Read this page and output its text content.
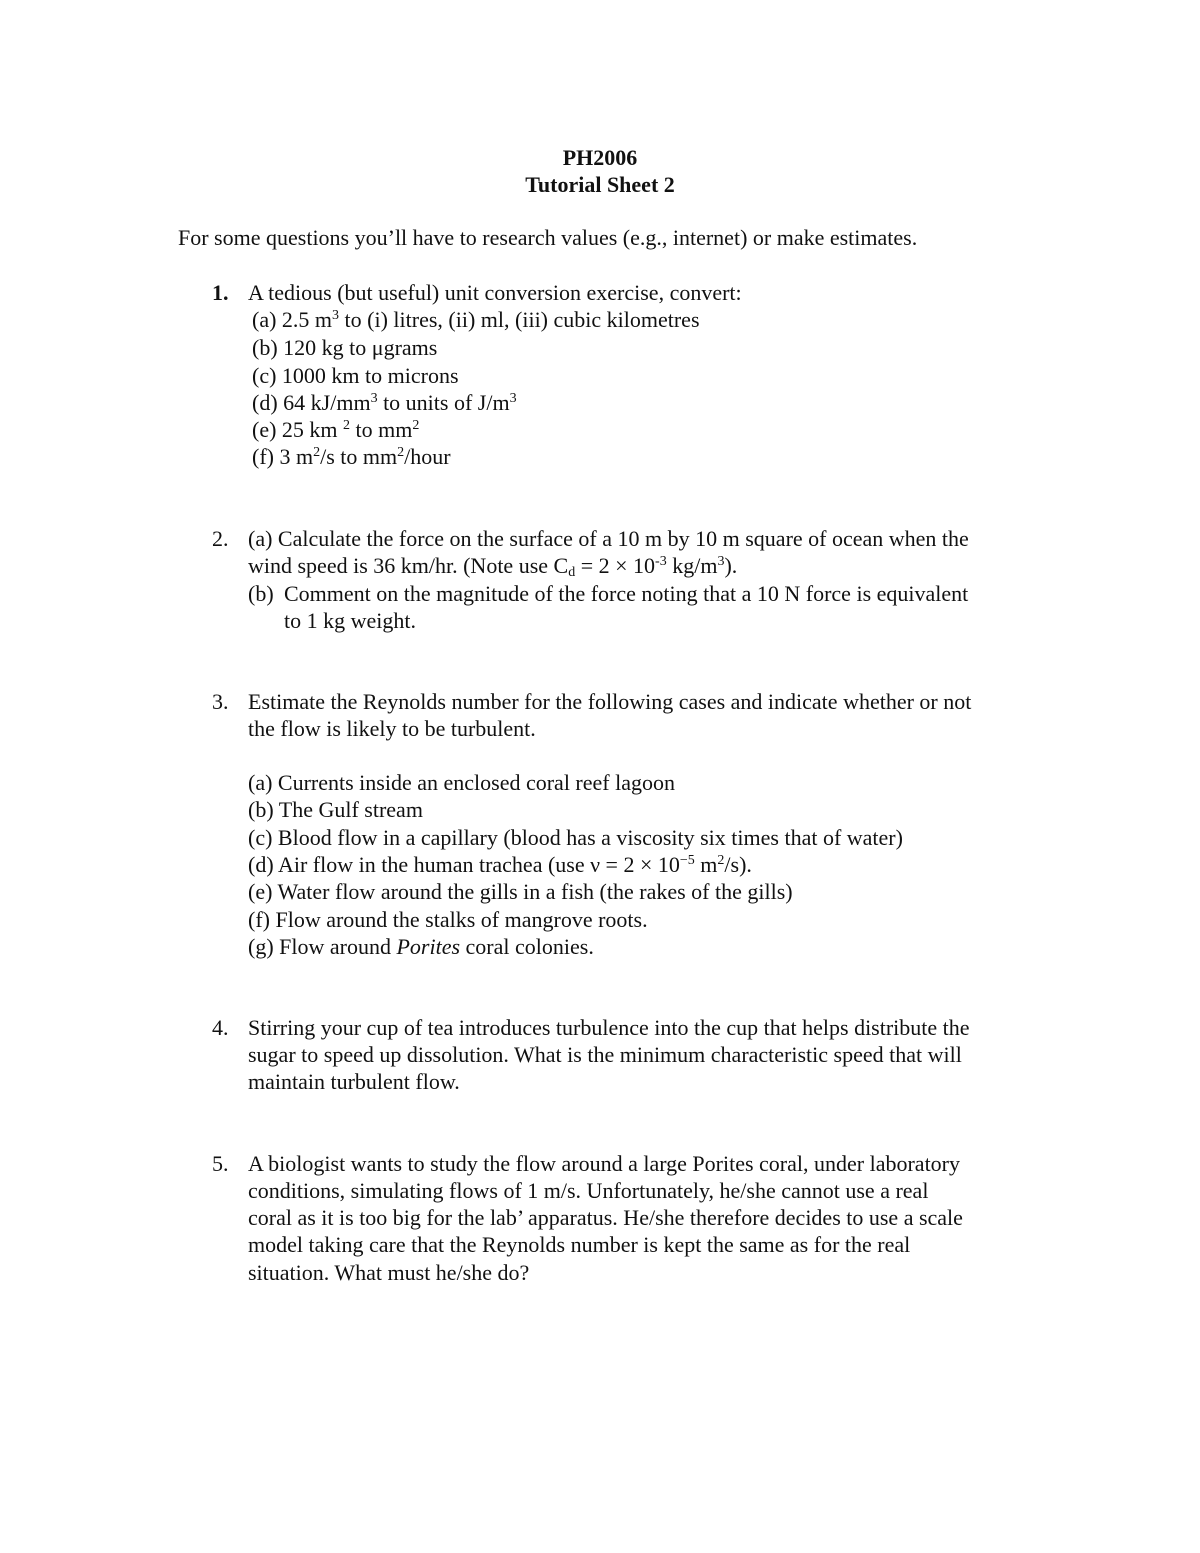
PH2006
Tutorial Sheet 2
For some questions you’ll have to research values (e.g., internet) or make estimates.
1. A tedious (but useful) unit conversion exercise, convert:
(a) 2.5 $m^3$ to (i) litres, (ii) ml, (iii) cubic kilometres
(b) 120 kg to μgrams
(c) 1000 km to microns
(d) 64 $kJ/mm^3$ to units of $J/m^3$
(e) 25 km $^2$ to $mm^2$
(f) 3 $m^2/s$ to $mm^2$/hour
2. (a) Calculate the force on the surface of a 10 m by 10 m square of ocean when the
wind speed is 36 km/hr. (Note use $C_d = 2 \times 10^{-3}$ $kg/m^3$).
(b) Comment on the magnitude of the force noting that a 10 N force is equivalent
to 1 kg weight.
3. Estimate the Reynolds number for the following cases and indicate whether or not
the flow is likely to be turbulent.
(a) Currents inside an enclosed coral reef lagoon
(b) The Gulf stream
(c) Blood flow in a capillary (blood has a viscosity six times that of water)
(d) Air flow in the human trachea (use $\nu = 2 \times 10^{-5}$ $m^2/s$).
(e) Water flow around the gills in a fish (the rakes of the gills)
(f) Flow around the stalks of mangrove roots.
(g) Flow around Porites coral colonies.
4. Stirring your cup of tea introduces turbulence into the cup that helps distribute the
sugar to speed up dissolution. What is the minimum characteristic speed that will
maintain turbulent flow.
5. A biologist wants to study the flow around a large Porites coral, under laboratory
conditions, simulating flows of 1 m/s. Unfortunately, he/she cannot use a real
coral as it is too big for the lab’ apparatus. He/she therefore decides to use a scale
model taking care that the Reynolds number is kept the same as for the real
situation. What must he/she do?
